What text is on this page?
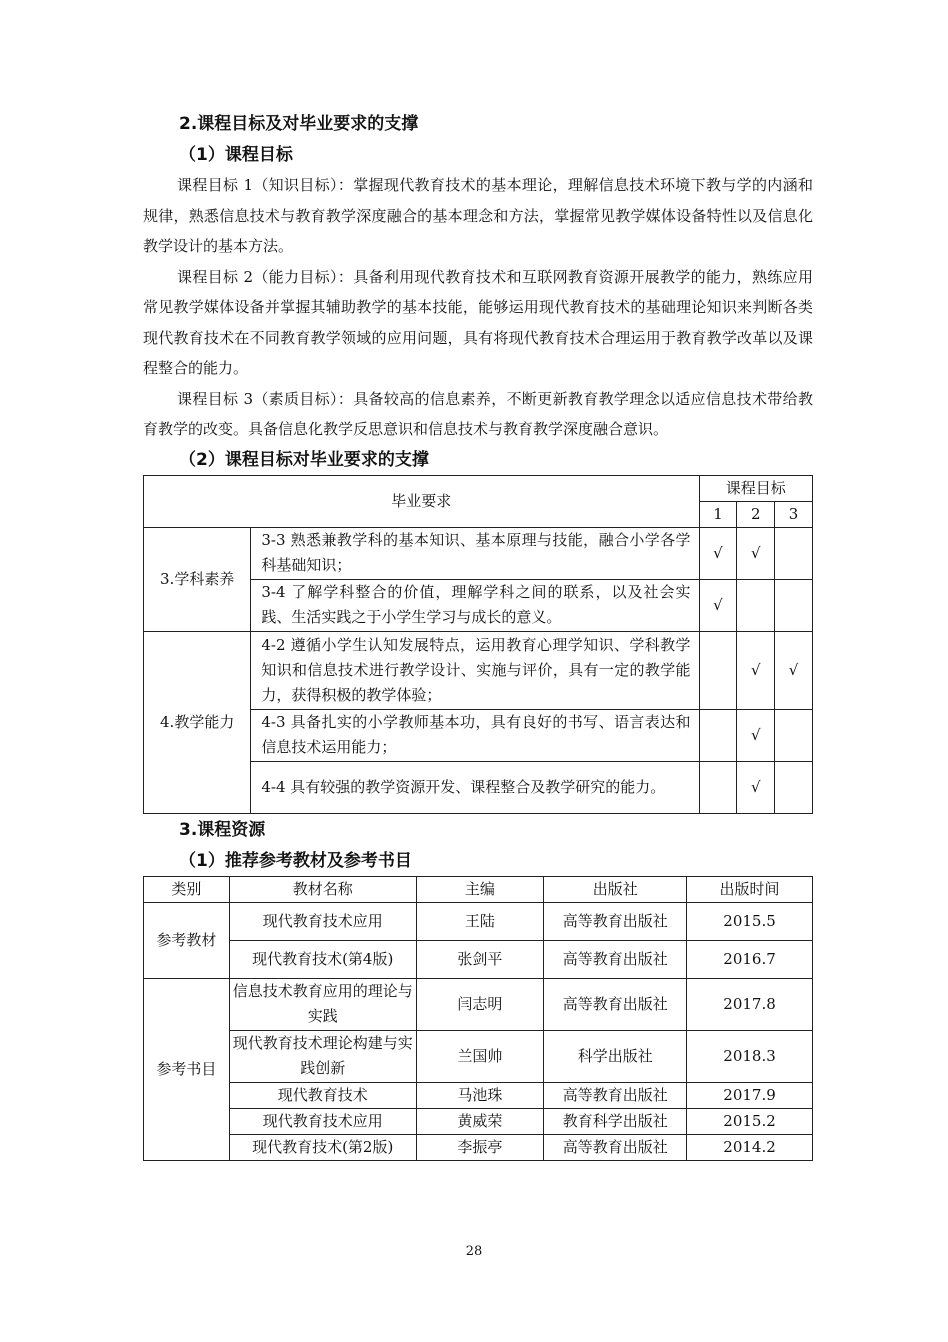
2.课程目标及对毕业要求的支撑
（1）课程目标

课程目标 1（知识目标）：掌握现代教育技术的基本理论，理解信息技术环境下教与学的内涵和规律，熟悉信息技术与教育教学深度融合的基本理念和方法，掌握常见教学媒体设备特性以及信息化教学设计的基本方法。

课程目标 2（能力目标）：具备利用现代教育技术和互联网教育资源开展教学的能力，熟练应用常见教学媒体设备并掌握其辅助教学的基本技能，能够运用现代教育技术的基础理论知识来判断各类现代教育技术在不同教育教学领域的应用问题，具有将现代教育技术合理运用于教育教学改革以及课程整合的能力。

课程目标 3（素质目标）：具备较高的信息素养，不断更新教育教学理念以适应信息技术带给教育教学的改变。具备信息化教学反思意识和信息技术与教育教学深度融合意识。

（2）课程目标对毕业要求的支撑
毕业要求		课程目标		
		1	2	3
3.学科素养	3-3 熟悉兼教学科的基本知识、基本原理与技能，融合小学各学科基础知识；	√	√	
	3-4 了解学科整合的价值，理解学科之间的联系，以及社会实践、生活实践之于小学生学习与成长的意义。	√		
4.教学能力	4-2 遵循小学生认知发展特点，运用教育心理学知识、学科教学知识和信息技术进行教学设计、实施与评价，具有一定的教学能力，获得积极的教学体验；		√	√
	4-3 具备扎实的小学教师基本功，具有良好的书写、语言表达和信息技术运用能力；		√	
	4-4 具有较强的教学资源开发、课程整合及教学研究的能力。		√	
3.课程资源
（1）推荐参考教材及参考书目
类别	教材名称	主编	出版社	出版时间
参考教材	现代教育技术应用	王陆	高等教育出版社	2015.5
	现代教育技术(第4版)	张剑平	高等教育出版社	2016.7
参考书目	信息技术教育应用的理论与实践	闫志明	高等教育出版社	2017.8
	现代教育技术理论构建与实践创新	兰国帅	科学出版社	2018.3
	现代教育技术	马池珠	高等教育出版社	2017.9
	现代教育技术应用	黄威荣	教育科学出版社	2015.2
	现代教育技术(第2版)	李振亭	高等教育出版社	2014.2
28
